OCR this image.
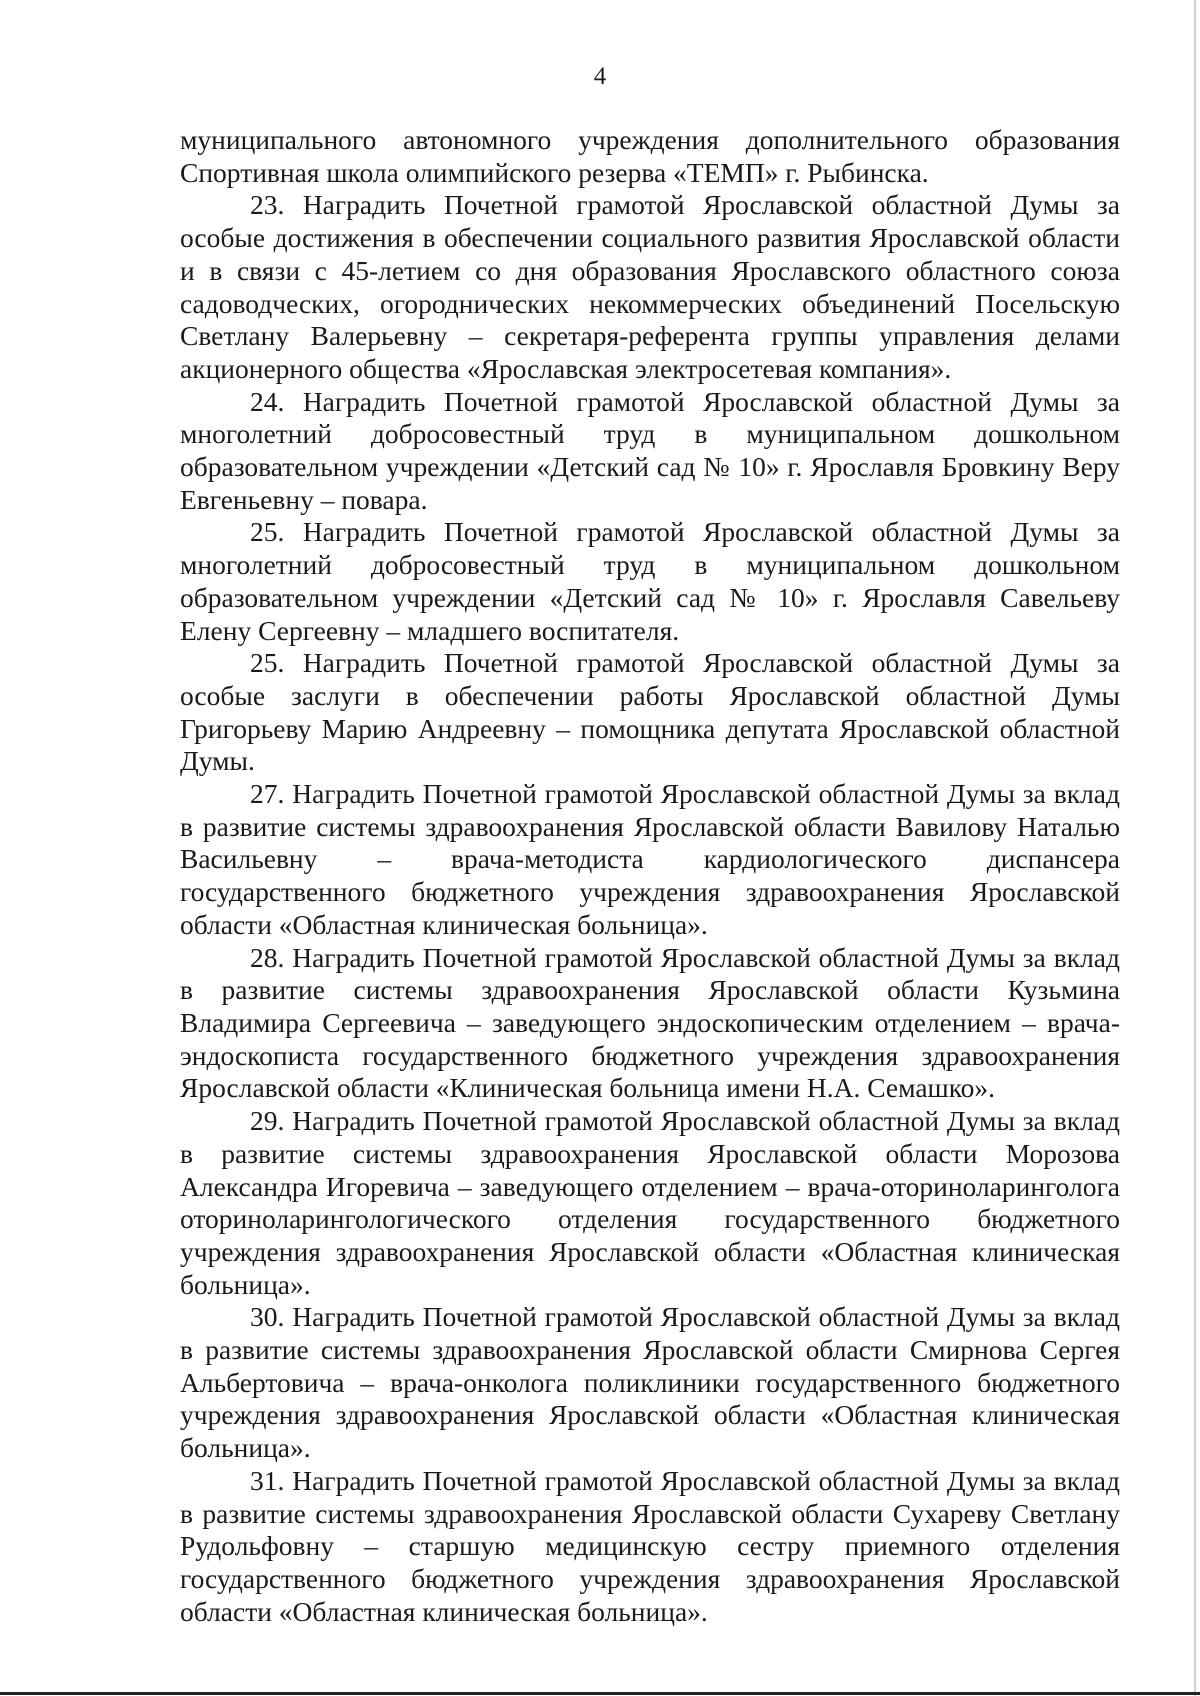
4

муниципального автономного учреждения дополнительного образования Спортивная школа олимпийского резерва «ТЕМП» г. Рыбинска.

23. Наградить Почетной грамотой Ярославской областной Думы за особые достижения в обеспечении социального развития Ярославской области и в связи с 45-летием со дня образования Ярославского областного союза садоводческих, огороднических некоммерческих объединений Посельскую Светлану Валерьевну – секретаря-референта группы управления делами акционерного общества «Ярославская электросетевая компания».

24. Наградить Почетной грамотой Ярославской областной Думы за многолетний добросовестный труд в муниципальном дошкольном образовательном учреждении «Детский сад № 10» г. Ярославля Бровкину Веру Евгеньевну – повара.

25. Наградить Почетной грамотой Ярославской областной Думы за многолетний добросовестный труд в муниципальном дошкольном образовательном учреждении «Детский сад № 10» г. Ярославля Савельеву Елену Сергеевну – младшего воспитателя.

25. Наградить Почетной грамотой Ярославской областной Думы за особые заслуги в обеспечении работы Ярославской областной Думы Григорьеву Марию Андреевну – помощника депутата Ярославской областной Думы.

27. Наградить Почетной грамотой Ярославской областной Думы за вклад в развитие системы здравоохранения Ярославской области Вавилову Наталью Васильевну – врача-методиста кардиологического диспансера государственного бюджетного учреждения здравоохранения Ярославской области «Областная клиническая больница».

28. Наградить Почетной грамотой Ярославской областной Думы за вклад в развитие системы здравоохранения Ярославской области Кузьмина Владимира Сергеевича – заведующего эндоскопическим отделением – врача-эндоскописта государственного бюджетного учреждения здравоохранения Ярославской области «Клиническая больница имени Н.А. Семашко».

29. Наградить Почетной грамотой Ярославской областной Думы за вклад в развитие системы здравоохранения Ярославской области Морозова Александра Игоревича – заведующего отделением – врача-оториноларинголога оториноларингологического отделения государственного бюджетного учреждения здравоохранения Ярославской области «Областная клиническая больница».

30. Наградить Почетной грамотой Ярославской областной Думы за вклад в развитие системы здравоохранения Ярославской области Смирнова Сергея Альбертовича – врача-онколога поликлиники государственного бюджетного учреждения здравоохранения Ярославской области «Областная клиническая больница».

31. Наградить Почетной грамотой Ярославской областной Думы за вклад в развитие системы здравоохранения Ярославской области Сухареву Светлану Рудольфовну – старшую медицинскую сестру приемного отделения государственного бюджетного учреждения здравоохранения Ярославской области «Областная клиническая больница».
